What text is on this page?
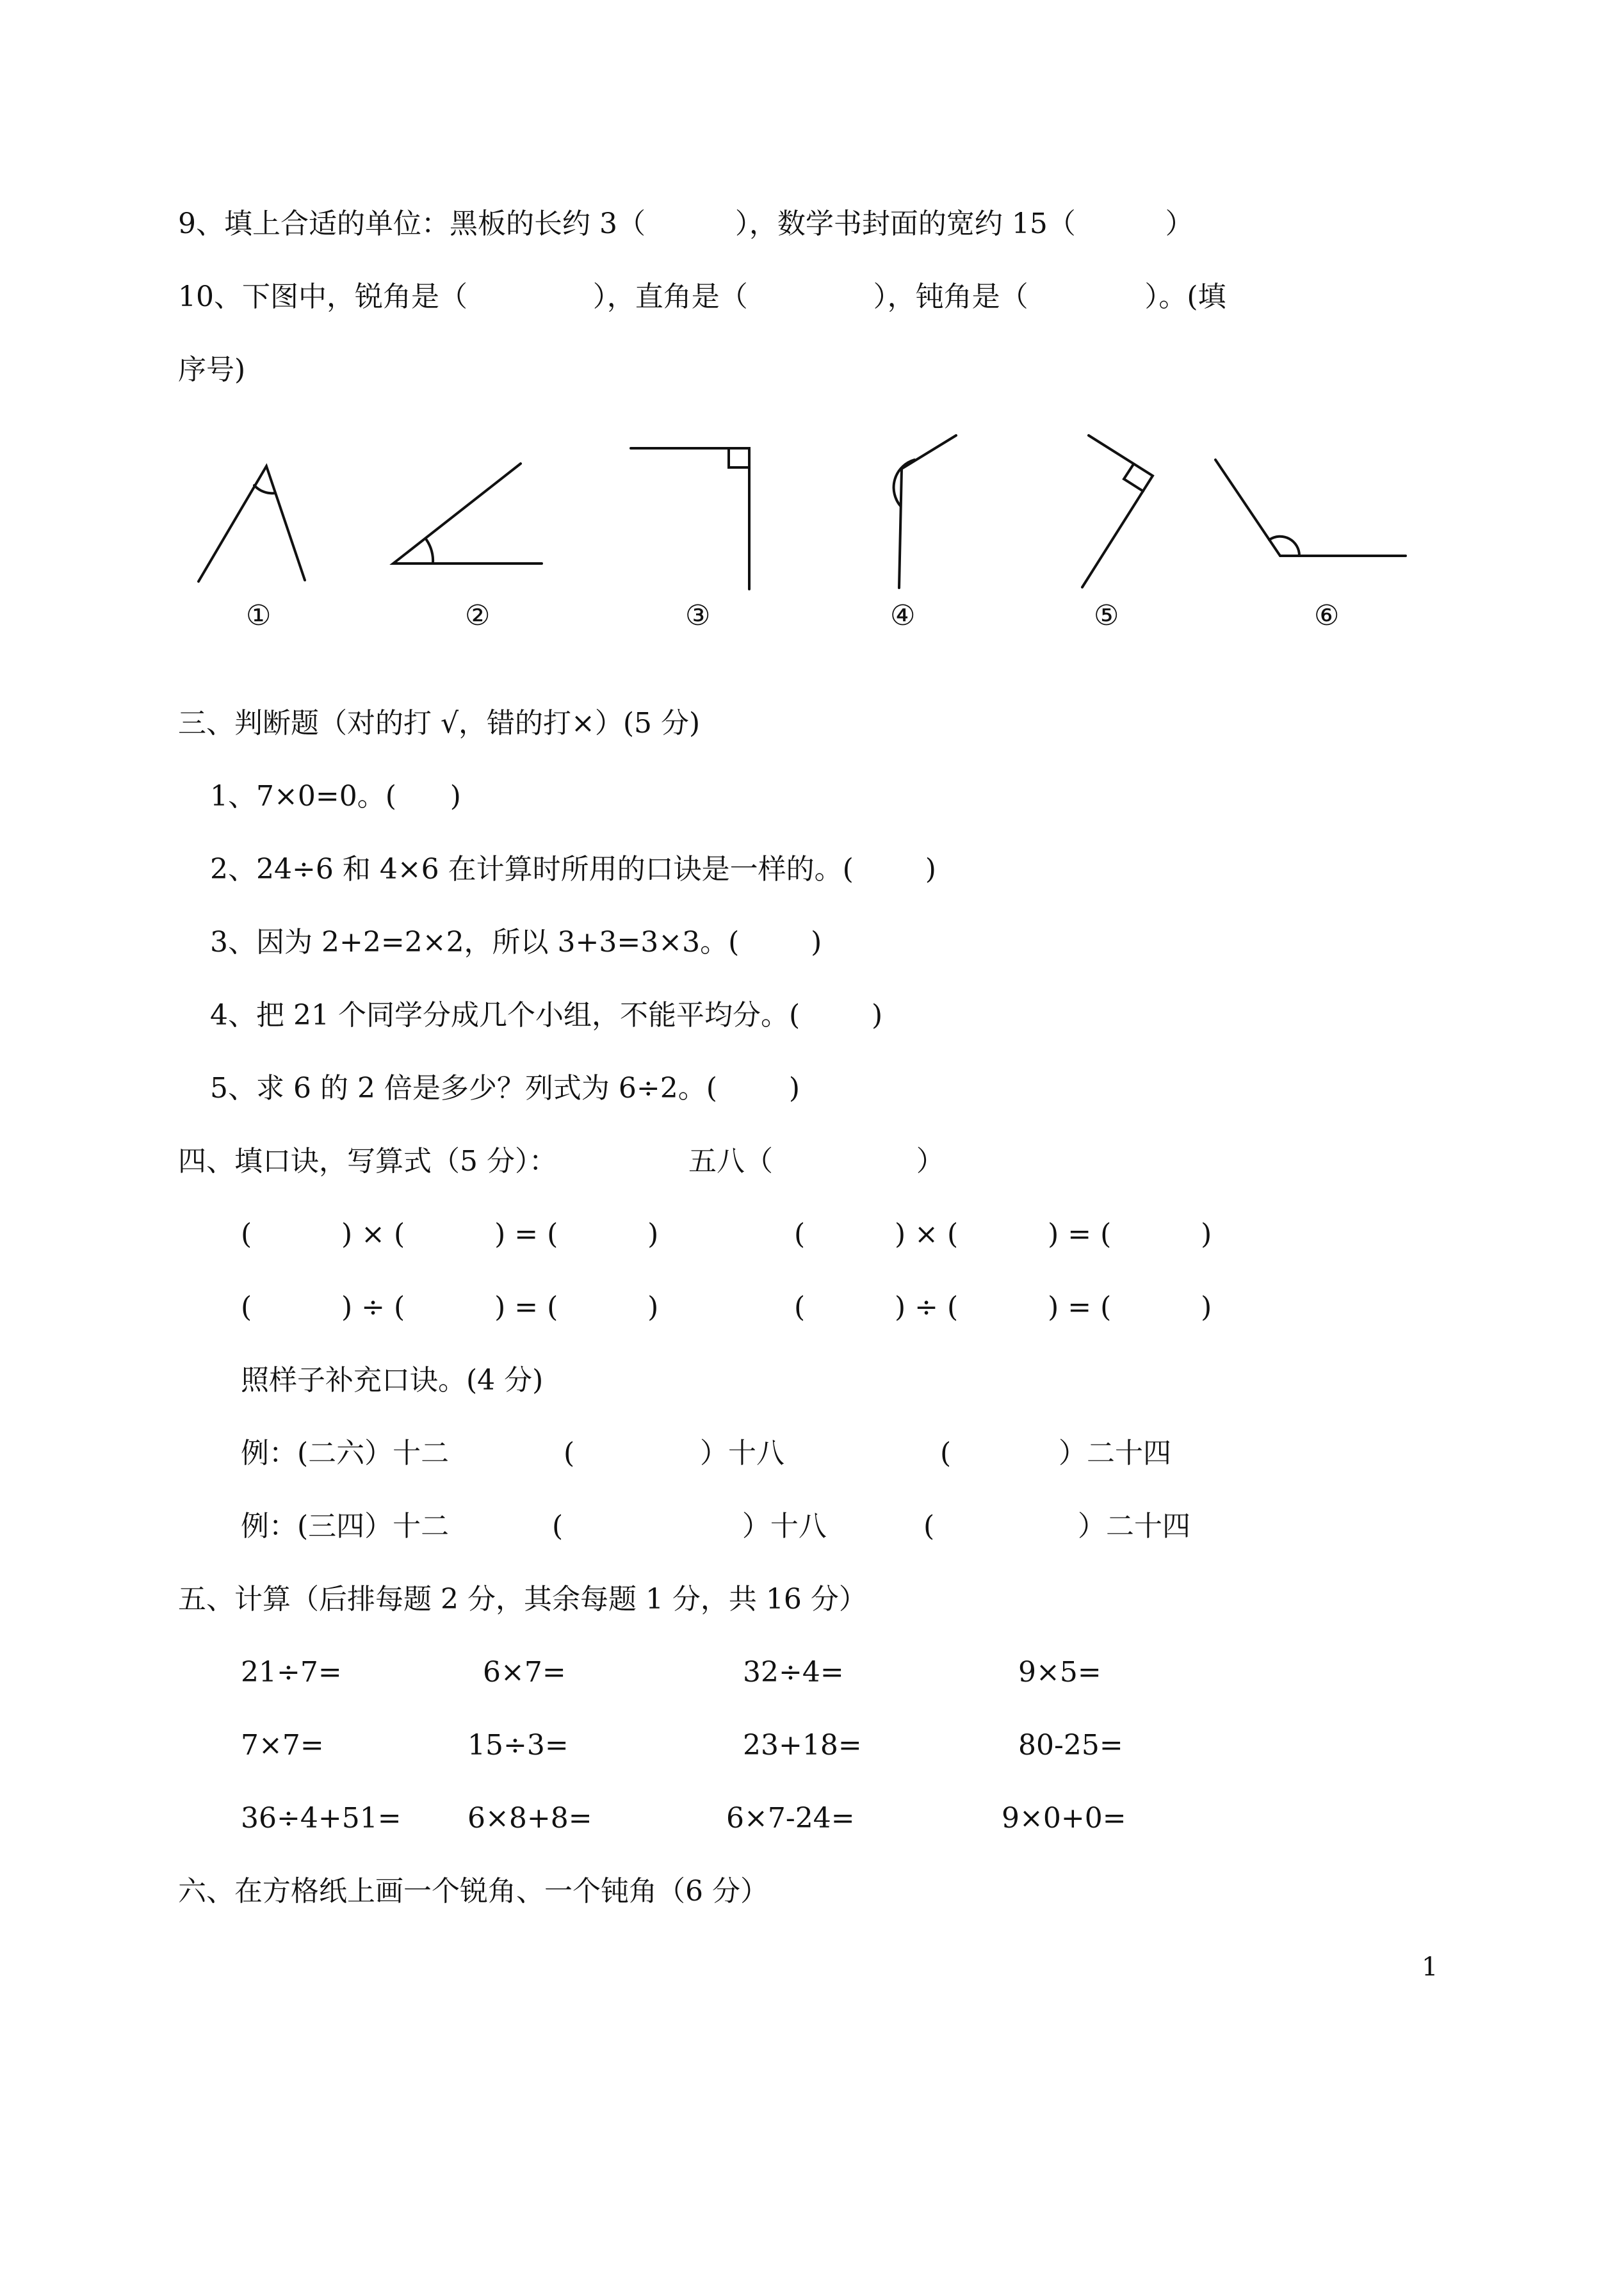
9、填上合适的单位：黑板的长约 3（          ），数学书封面的宽约 15（          ）
10、下图中，锐角是（              ），直角是（              ），钝角是（             ）。(填
序号)
①	②	③	④	⑤	⑥
三、判断题（对的打 √，错的打×）(5 分)
1、7×0=0。(      )
2、24÷6 和 4×6 在计算时所用的口诀是一样的。(        )
3、因为 2+2=2×2，所以 3+3=3×3。(        )
4、把 21 个同学分成几个小组，不能平均分。(        )
5、求 6 的 2 倍是多少？列式为 6÷2。(        )
四、填口诀，写算式（5 分）：	五八（                ）
(          ) × (          ) = (          )	(          ) × (          ) = (          )
(          ) ÷ (          ) = (          )	(          ) ÷ (          ) = (          )
照样子补充口诀。(4 分)
例：(二六）十二	(              ）十八	(            ）二十四
例：(三四）十二	(                    ）十八	(                ）二十四
五、计算（后排每题 2 分，其余每题 1 分，共 16 分）
21÷7=	6×7=	32÷4=	9×5=
7×7=	15÷3=	23+18=	80-25=
36÷4+51= 6×8+8=	6×7-24=	9×0+0=
六、在方格纸上画一个锐角、一个钝角（6 分）
1
